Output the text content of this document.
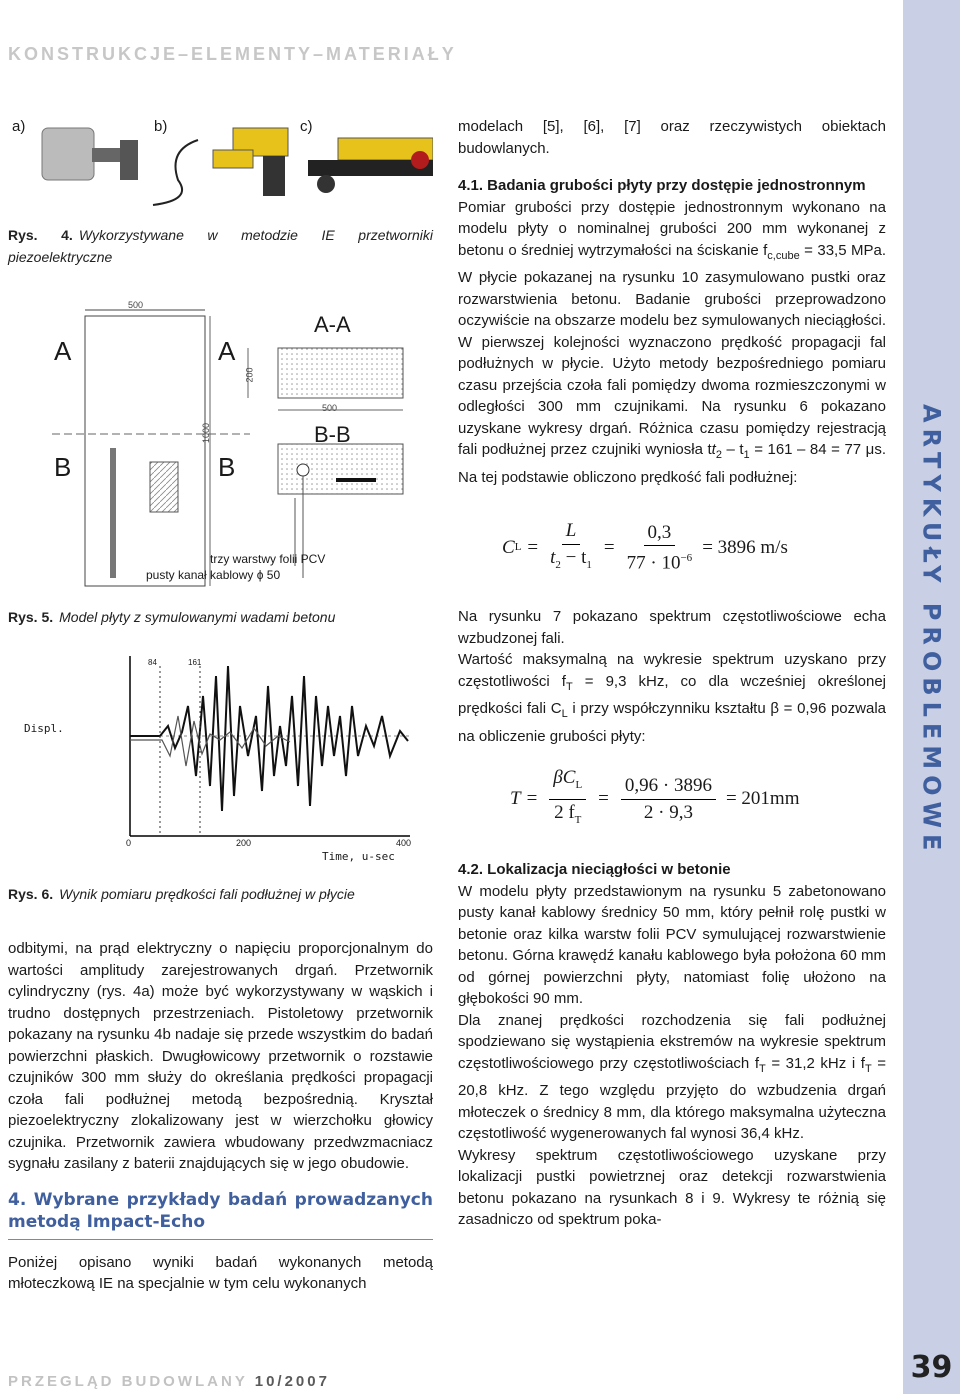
KONSTRUKCJE–ELEMENTY–MATERIAŁY
ARTYKUŁY PROBLEMOWE
39
PRZEGLĄD BUDOWLANY 10/2007
a)	b)	c)
Rys. 4. Wykorzystywane w metodzie IE przetworniki piezoelektryczne
500
1000
200
500
A
B
A
B
A-A
B-B
trzy warstwy folii PCV
pusty kanał kablowy ϕ 50
Rys. 5. Model płyty z symulowanymi wadami betonu
Displ.
Time, u-sec
0	200	400
84	161
Rys. 6. Wynik pomiaru prędkości fali podłużnej w płycie

odbitymi, na prąd elektryczny o napięciu proporcjonalnym do wartości amplitudy zarejestrowanych drgań. Przetwornik cylindryczny (rys. 4a) może być wykorzystywany w wąskich i trudno dostępnych przestrzeniach. Pistoletowy przetwornik pokazany na rysunku 4b nadaje się przede wszystkim do badań powierzchni płaskich. Dwugłowicowy przetwornik o rozstawie czujników 300 mm służy do określania prędkości propagacji czoła fali podłużnej metodą bezpośrednią. Kryształ piezoelektryczny zlokalizowany jest w wierzchołku głowicy czujnika. Przetwornik zawiera wbudowany przedwzmacniacz sygnału zasilany z baterii znajdujących się w jego obudowie.

4. Wybrane przykłady badań prowadzanych metodą Impact-Echo

Poniżej opisano wyniki badań wykonanych metodą młoteczkową IE na specjalnie w tym celu wykonanych

modelach [5], [6], [7] oraz rzeczywistych obiektach budowlanych.

4.1. Badania grubości płyty przy dostępie jednostronnym

Pomiar grubości przy dostępie jednostronnym wykonano na modelu płyty o nominalnej grubości 200 mm wykonanej z betonu o średniej wytrzymałości na ściskanie $f_{c,cube} = 33,5$ MPa. W płycie pokazanej na rysunku 10 zasymulowano pustki oraz rozwarstwienia betonu. Badanie grubości przeprowadzono oczywiście na obszarze modelu bez symulowanych nieciągłości. W pierwszej kolejności wyznaczono prędkość propagacji fal podłużnych w płycie. Użyto metody bezpośredniego pomiaru czasu przejścia czoła fali pomiędzy dwoma rozmieszczonymi w odległości 300 mm czujnikami. Na rysunku 6 pokazano uzyskane wykresy drgań. Różnica czasu pomiędzy rejestracją fali podłużnej przez czujniki wyniosła $tt_2 - t_1 = 161 - 84 = 77$ μs. Na tej podstawie obliczono prędkość fali podłużnej:

C $L = \frac{L}{t_2 - t_1} = \frac{0,3}{77 \cdot 10^{-6}} = 3896$ m/s

Na rysunku 7 pokazano spektrum częstotliwościowe echa wzbudzonej fali.

Wartość maksymalną na wykresie spektrum uzyskano przy częstotliwości $f_T = 9,3$ kHz, co dla wcześniej określonej prędkości fali $C_L$ i przy współczynniku kształtu β = 0,96 pozwala na obliczenie grubości płyty:

$T = \frac{\beta C_L}{2 f_T} = \frac{0,96 \cdot 3896}{2 \cdot 9,3} = 201mm$

4.2. Lokalizacja nieciągłości w betonie

W modelu płyty przedstawionym na rysunku 5 zabetonowano pusty kanał kablowy średnicy 50 mm, który pełnił rolę pustki w betonie oraz kilka warstw folii PCV symulującej rozwarstwienie betonu. Górna krawędź kanału kablowego była położona 60 mm od górnej powierzchni płyty, natomiast folię ułożono na głębokości 90 mm.

Dla znanej prędkości rozchodzenia się fali podłużnej spodziewano się wystąpienia ekstremów na wykresie spektrum częstotliwościowego przy częstotliwościach $f_T = 31,2$ kHz i $f_T = 20,8$ kHz. Z tego względu przyjęto do wzbudzenia drgań młoteczek o średnicy 8 mm, dla którego maksymalna użyteczna częstotliwość wygenerowanych fal wynosi 36,4 kHz.

Wykresy spektrum częstotliwościowego uzyskane przy lokalizacji pustki powietrznej oraz detekcji rozwarstwienia betonu pokazano na rysunkach 8 i 9. Wykresy te różnią się zasadniczo od spektrum poka-
